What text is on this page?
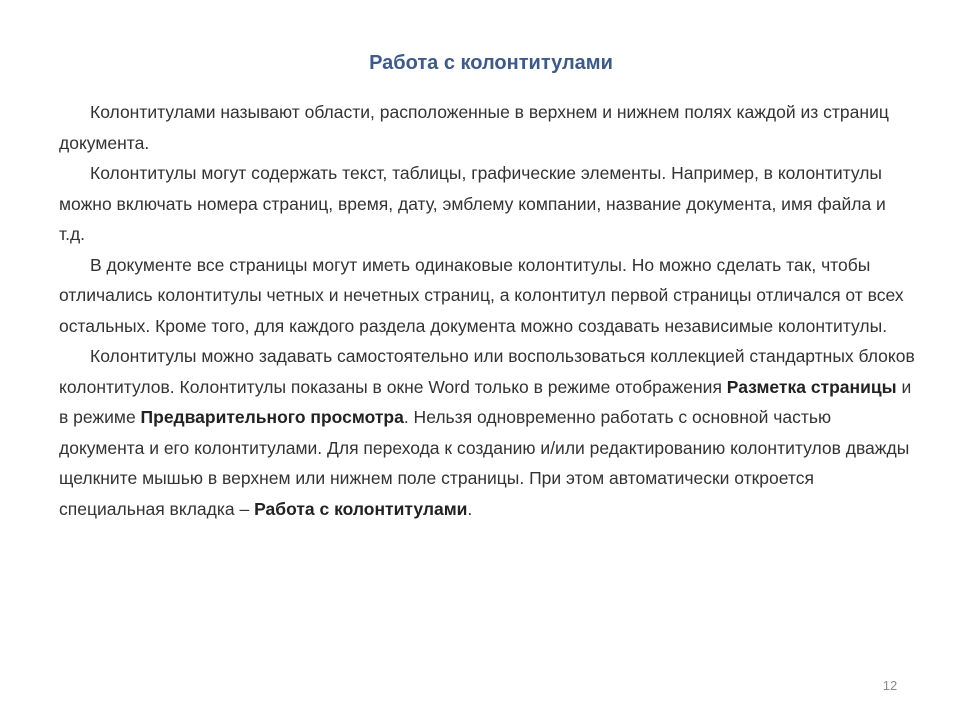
Работа с колонтитулами

Колонтитулами называют области, расположенные в верхнем и нижнем полях каждой из страниц документа.

Колонтитулы могут содержать текст, таблицы, графические элементы. Например, в колонтитулы можно включать номера страниц, время, дату, эмблему компании, название документа, имя файла и т.д.

В документе все страницы могут иметь одинаковые колонтитулы. Но можно сделать так, чтобы отличались колонтитулы четных и нечетных страниц, а колонтитул первой страницы отличался от всех остальных. Кроме того, для каждого раздела документа можно создавать независимые колонтитулы.

Колонтитулы можно задавать самостоятельно или воспользоваться коллекцией стандартных блоков колонтитулов. Колонтитулы показаны в окне Word только в режиме отображения Разметка страницы и в режиме Предварительного просмотра. Нельзя одновременно работать с основной частью документа и его колонтитулами. Для перехода к созданию и/или редактированию колонтитулов дважды щелкните мышью в верхнем или нижнем поле страницы. При этом автоматически откроется специальная вкладка – Работа с колонтитулами.

12
